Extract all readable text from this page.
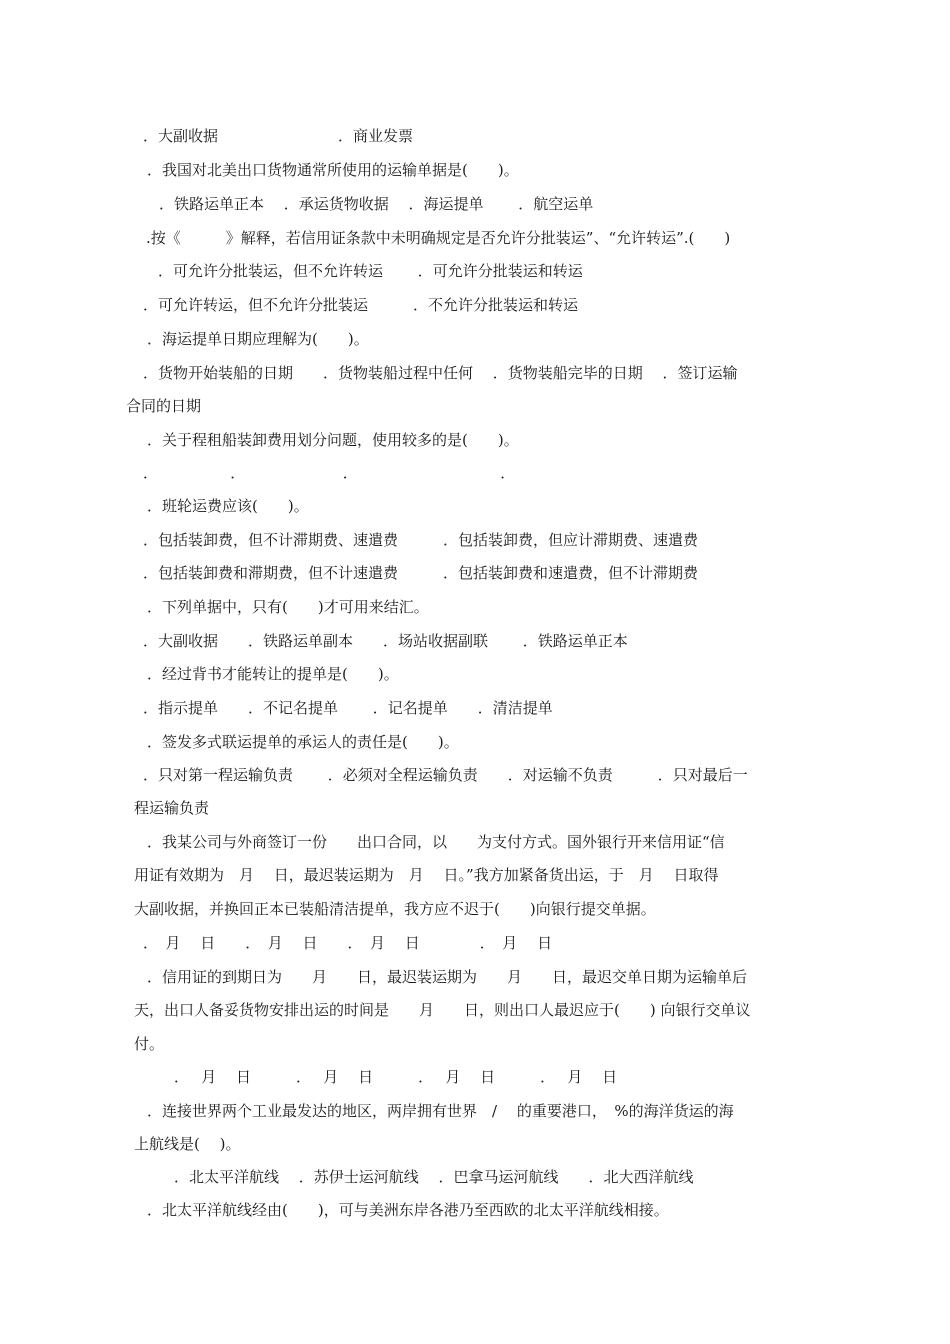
．大副收据　　　　　　　　．商业发票
．我国对北美出口货物通常所使用的运输单据是(　　)。
．铁路运单正本　 ．承运货物收据　 ．海运提单　　 ．航空运单
.按《　　　》解释，若信用证条款中未明确规定是否允许分批装运”、“允许转运”.(　　)
．可允许分批装运，但不允许转运　　 ．可允许分批装运和转运
．可允许转运，但不允许分批装运　　　．不允许分批装运和转运
．海运提单日期应理解为(　　)。
．货物开始装船的日期　　．货物装船过程中任何　 ．货物装船完毕的日期　 ．签订运输
合同的日期
．关于程租船装卸费用划分问题，使用较多的是(　　)。
．　　　　　 ．　　　　　　　．　　　　　　　　　　．
．班轮运费应该(　　)。
．包括装卸费，但不计滞期费、速遣费　　　．包括装卸费，但应计滞期费、速遣费
．包括装卸费和滞期费，但不计速遣费　　　．包括装卸费和速遣费，但不计滞期费
．下列单据中，只有(　　)才可用来结汇。
．大副收据　　．铁路运单副本　　．场站收据副联　　 ．铁路运单正本
．经过背书才能转让的提单是(　　)。
．指示提单　　．不记名提单　　 ．记名提单　　．清洁提单
．签发多式联运提单的承运人的责任是(　　)。
．只对第一程运输负责　　 ．必须对全程运输负责　　．对运输不负责　　　．只对最后一
程运输负责
．我某公司与外商签订一份　　出口合同，以　　为支付方式。国外银行开来信用证“信
用证有效期为　月　 日，最迟装运期为　月　 日。”我方加紧备货出运，于　月　 日取得
大副收据，并换回正本已装船清洁提单，我方应不迟于(　　)向银行提交单据。
．　月　 日　　．　月　 日　　．　月　 日　　　　．　月　 日
．信用证的到期日为　　月　　日，最迟装运期为　　月　　日，最迟交单日期为运输单后
天，出口人备妥货物安排出运的时间是　　月　　日，则出口人最迟应于(　　) 向银行交单议
付。
．　 月　 日　　　．　 月　 日　　　．　 月　 日　　　．　 月　 日
．连接世界两个工业最发达的地区，两岸拥有世界　/　 的重要港口，　%的海洋货运的海
上航线是(　 )。
．北太平洋航线　 ．苏伊士运河航线　 ．巴拿马运河航线　　．北大西洋航线
．北太平洋航线经由(　　)，可与美洲东岸各港乃至西欧的北太平洋航线相接。
